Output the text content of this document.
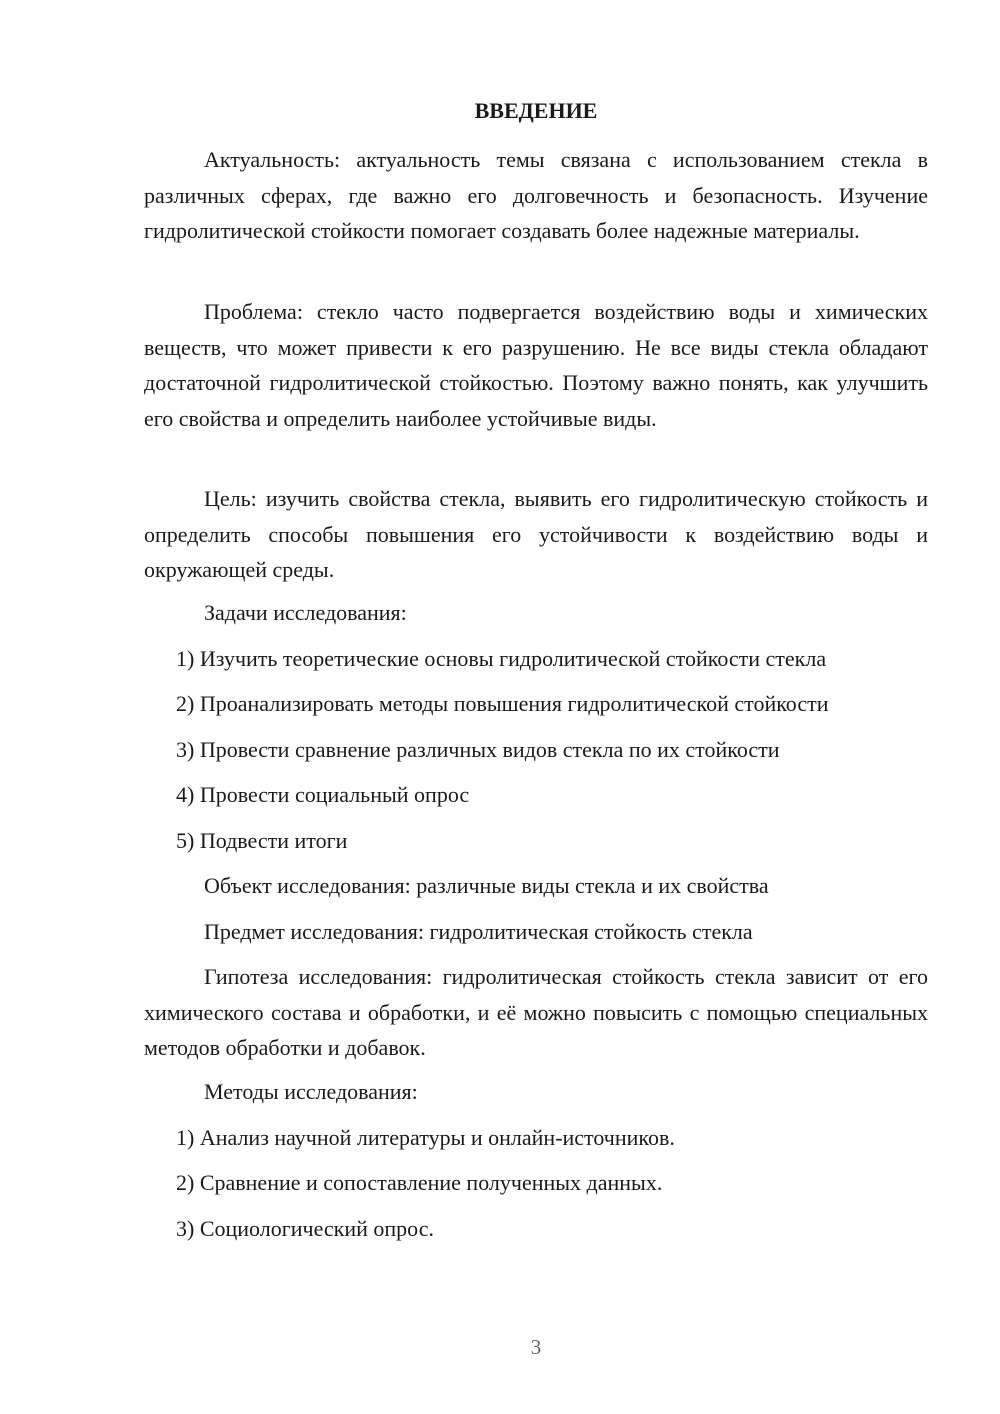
ВВЕДЕНИЕ

Актуальность: актуальность темы связана с использованием стекла в различных сферах, где важно его долговечность и безопасность. Изучение гидролитической стойкости помогает создавать более надежные материалы.

Проблема: стекло часто подвергается воздействию воды и химических веществ, что может привести к его разрушению. Не все виды стекла обладают достаточной гидролитической стойкостью. Поэтому важно понять, как улучшить его свойства и определить наиболее устойчивые виды.

Цель: изучить свойства стекла, выявить его гидролитическую стойкость и определить способы повышения его устойчивости к воздействию воды и окружающей среды.

Задачи исследования:

1) Изучить теоретические основы гидролитической стойкости стекла

2) Проанализировать методы повышения гидролитической стойкости

3) Провести сравнение различных видов стекла по их стойкости

4) Провести социальный опрос

5) Подвести итоги

Объект исследования: различные виды стекла и их свойства

Предмет исследования: гидролитическая стойкость стекла

Гипотеза исследования: гидролитическая стойкость стекла зависит от его химического состава и обработки, и её можно повысить с помощью специальных методов обработки и добавок.

Методы исследования:

1) Анализ научной литературы и онлайн-источников.

2) Сравнение и сопоставление полученных данных.

3) Социологический опрос.

3
